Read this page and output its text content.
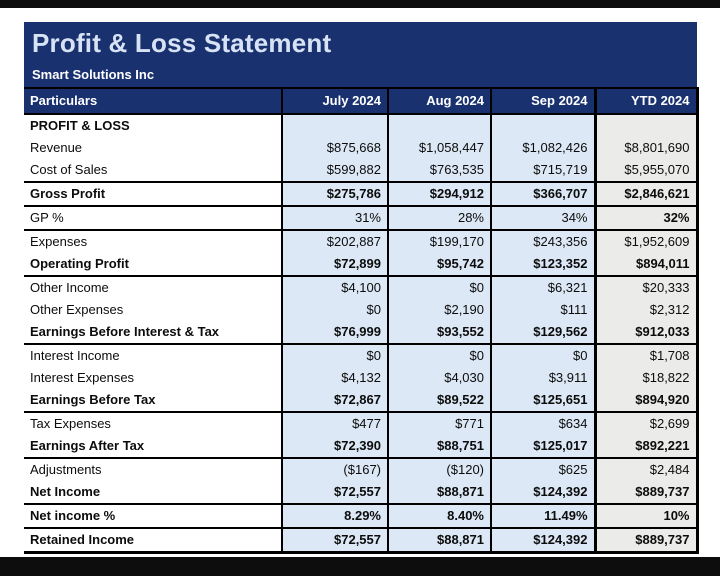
Profit & Loss Statement
Smart Solutions Inc
Particulars	July 2024	Aug 2024	Sep 2024	YTD 2024
PROFIT & LOSS				
Revenue	$875,668	$1,058,447	$1,082,426	$8,801,690
Cost of Sales	$599,882	$763,535	$715,719	$5,955,070
Gross Profit	$275,786	$294,912	$366,707	$2,846,621
GP %	31%	28%	34%	32%
Expenses	$202,887	$199,170	$243,356	$1,952,609
Operating Profit	$72,899	$95,742	$123,352	$894,011
Other Income	$4,100	$0	$6,321	$20,333
Other Expenses	$0	$2,190	$111	$2,312
Earnings Before Interest & Tax	$76,999	$93,552	$129,562	$912,033
Interest Income	$0	$0	$0	$1,708
Interest Expenses	$4,132	$4,030	$3,911	$18,822
Earnings Before Tax	$72,867	$89,522	$125,651	$894,920
Tax Expenses	$477	$771	$634	$2,699
Earnings After Tax	$72,390	$88,751	$125,017	$892,221
Adjustments	($167)	($120)	$625	$2,484
Net Income	$72,557	$88,871	$124,392	$889,737
Net income %	8.29%	8.40%	11.49%	10%
Retained Income	$72,557	$88,871	$124,392	$889,737
